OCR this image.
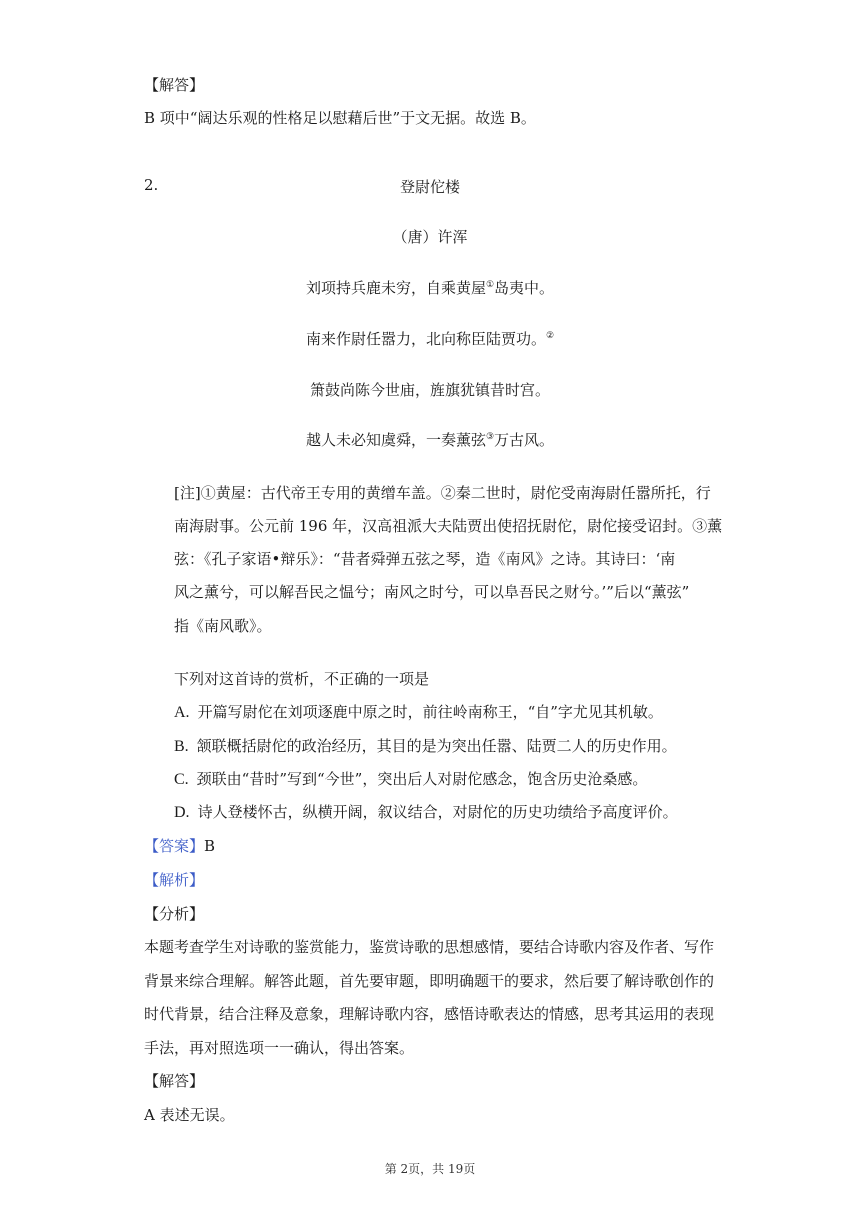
【解答】
B 项中“阔达乐观的性格足以慰藉后世”于文无据。故选 B。
2.	登尉佗楼
（唐）许浑
刘项持兵鹿未穷，自乘黄屋①岛夷中。
南来作尉任嚣力，北向称臣陆贾功。②
箫鼓尚陈今世庙，旌旗犹镇昔时宫。
越人未必知虞舜，一奏薰弦③万古风。
[注]①黄屋：古代帝王专用的黄缯车盖。②秦二世时，尉佗受南海尉任嚣所托，行
南海尉事。公元前 196 年，汉高祖派大夫陆贾出使招抚尉佗，尉佗接受诏封。③薰
弦：《孔子家语•辩乐》：“昔者舜弹五弦之琴，造《南风》之诗。其诗曰：‘南
风之薰兮，可以解吾民之愠兮；南风之时兮，可以阜吾民之财兮。’”后以“薰弦”
指《南风歌》。
下列对这首诗的赏析，不正确的一项是
A. 开篇写尉佗在刘项逐鹿中原之时，前往岭南称王，“自”字尤见其机敏。
B. 颔联概括尉佗的政治经历，其目的是为突出任嚣、陆贾二人的历史作用。
C. 颈联由“昔时”写到“今世”，突出后人对尉佗感念，饱含历史沧桑感。
D. 诗人登楼怀古，纵横开阔，叙议结合，对尉佗的历史功绩给予高度评价。
【答案】B
【解析】
【分析】
本题考查学生对诗歌的鉴赏能力，鉴赏诗歌的思想感情，要结合诗歌内容及作者、写作
背景来综合理解。解答此题，首先要审题，即明确题干的要求，然后要了解诗歌创作的
时代背景，结合注释及意象，理解诗歌内容，感悟诗歌表达的情感，思考其运用的表现
手法，再对照选项一一确认，得出答案。
【解答】
A 表述无误。
第 2页，共 19页
